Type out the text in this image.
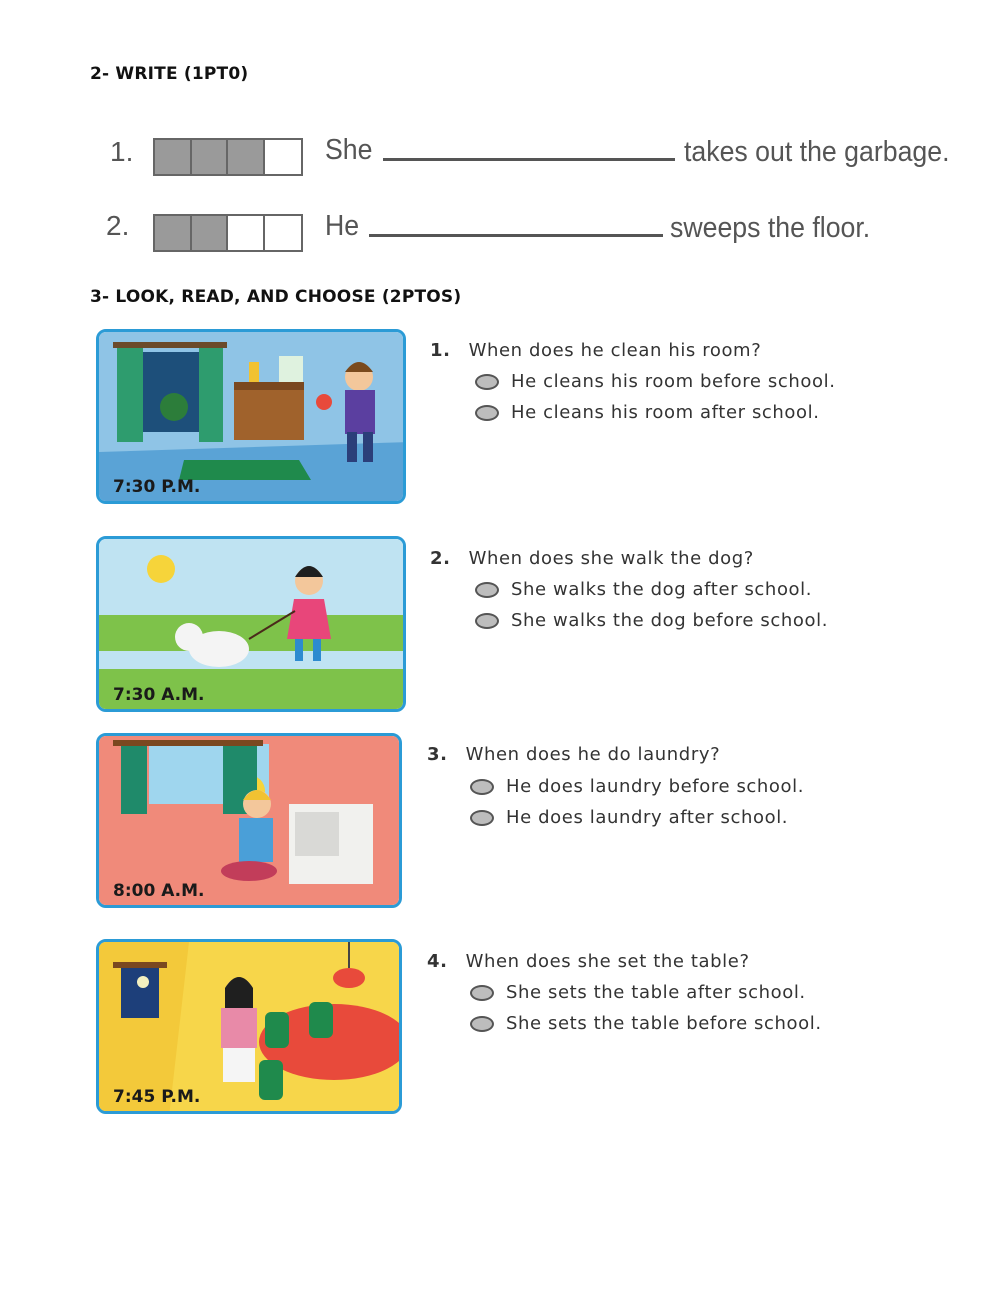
2- WRITE (1PT0)
1.	She	takes out the garbage.
2.	He	sweeps the floor.
3- LOOK, READ, AND CHOOSE (2PTOS)
7:30 P.M.
1. When does he clean his room?
He cleans his room before school.
He cleans his room after school.
7:30 A.M.
2. When does she walk the dog?
She walks the dog after school.
She walks the dog before school.
8:00 A.M.
3. When does he do laundry?
He does laundry before school.
He does laundry after school.
7:45 P.M.
4. When does she set the table?
She sets the table after school.
She sets the table before school.
